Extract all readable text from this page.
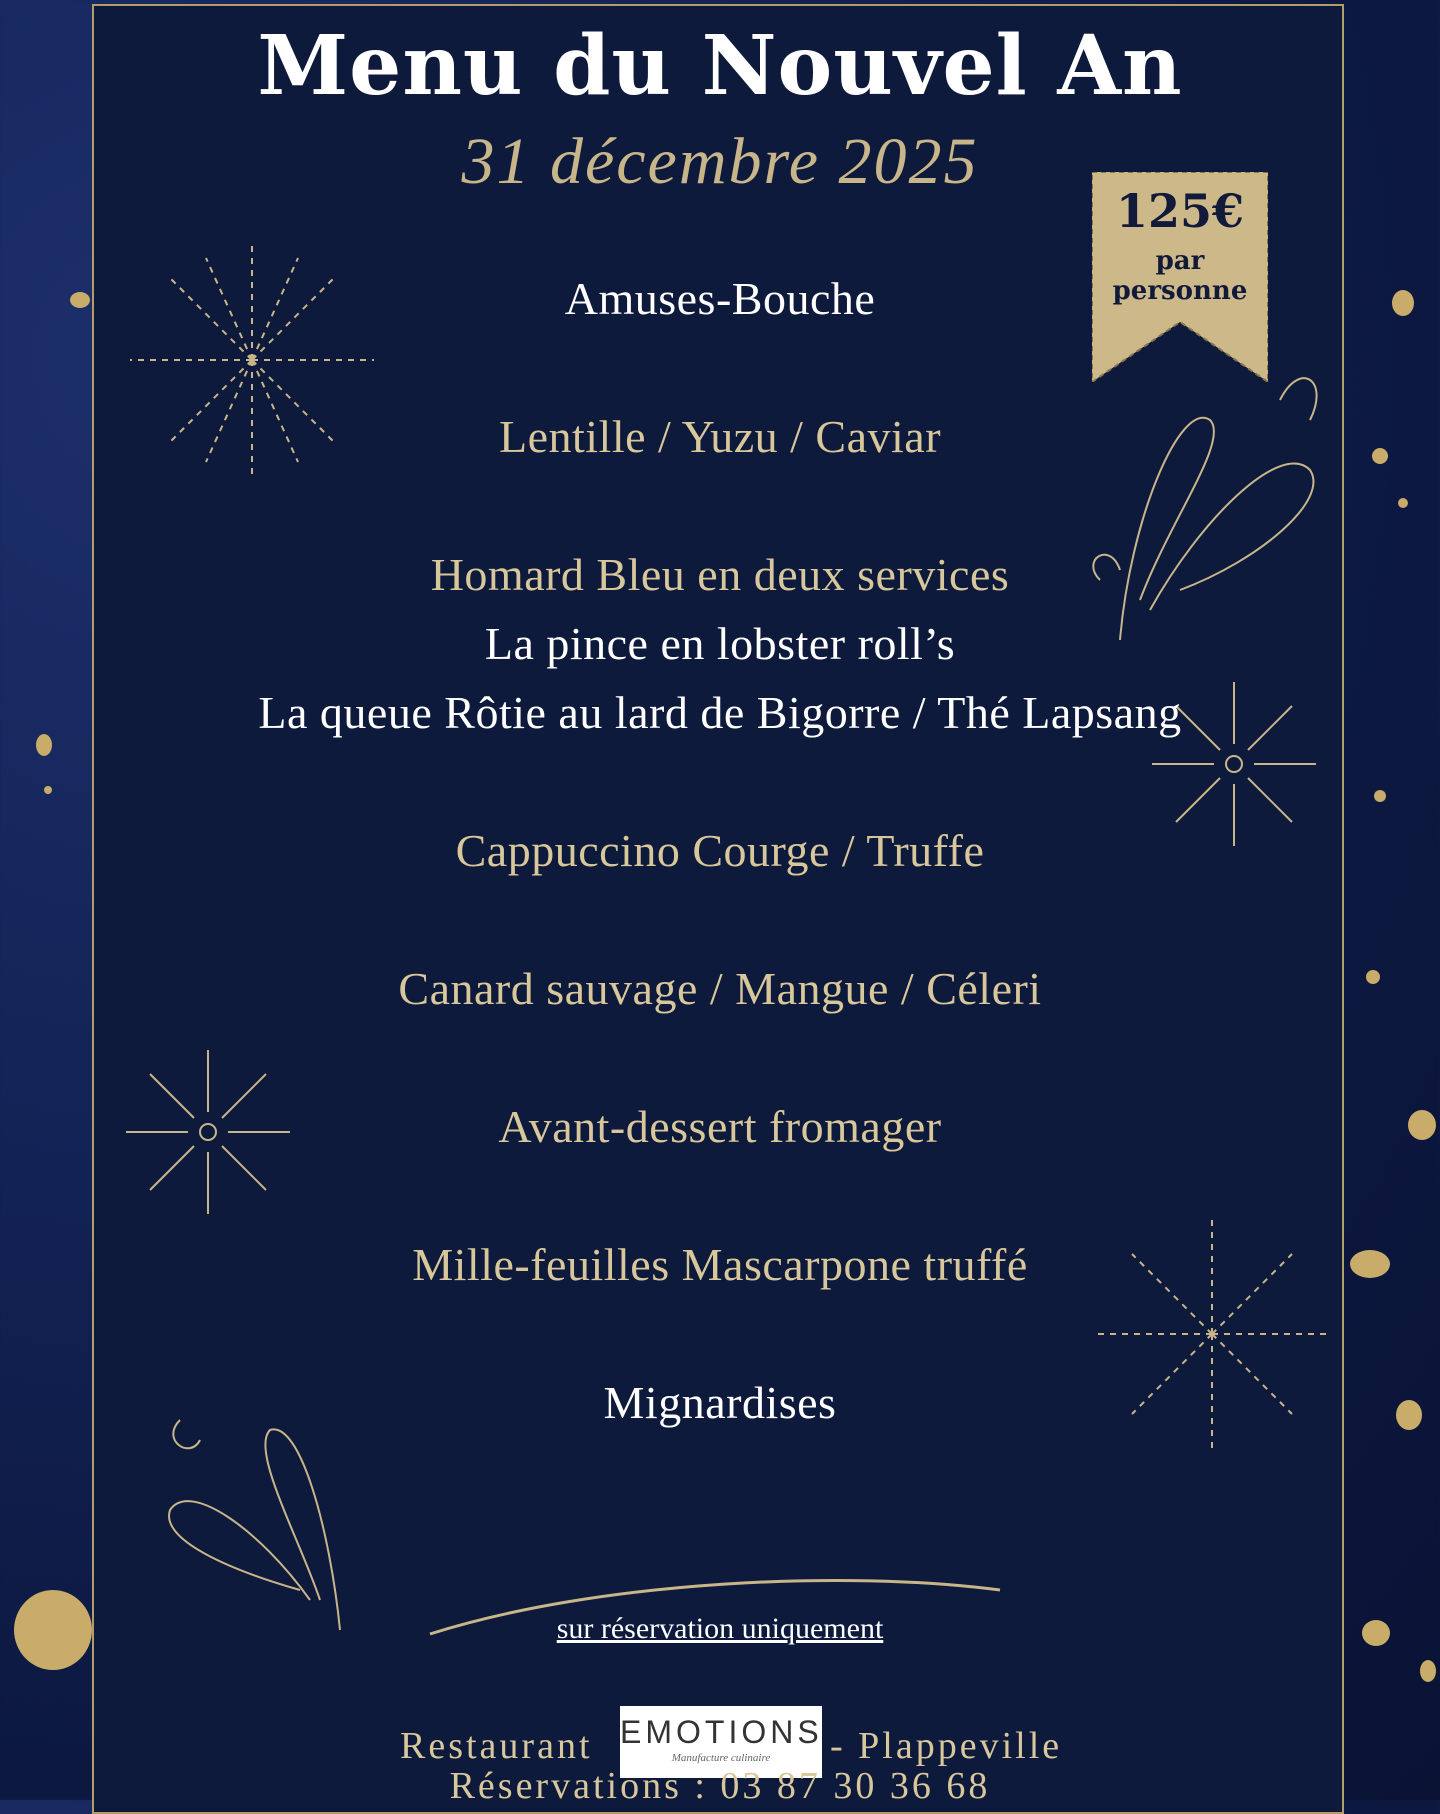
125€
par
personne
Menu du Nouvel An
31 décembre 2025
Amuses-Bouche
Lentille / Yuzu / Caviar
Homard Bleu en deux services
La pince en lobster roll’s
La queue Rôtie au lard de Bigorre / Thé Lapsang
Cappuccino Courge / Truffe
Canard sauvage / Mangue / Céleri
Avant-dessert fromager
Mille-feuilles Mascarpone truffé
Mignardises
sur réservation uniquement
Restaurant EMOTIONS
Manufacture culinaire	- Plappeville
Réservations : 03 87 30 36 68
